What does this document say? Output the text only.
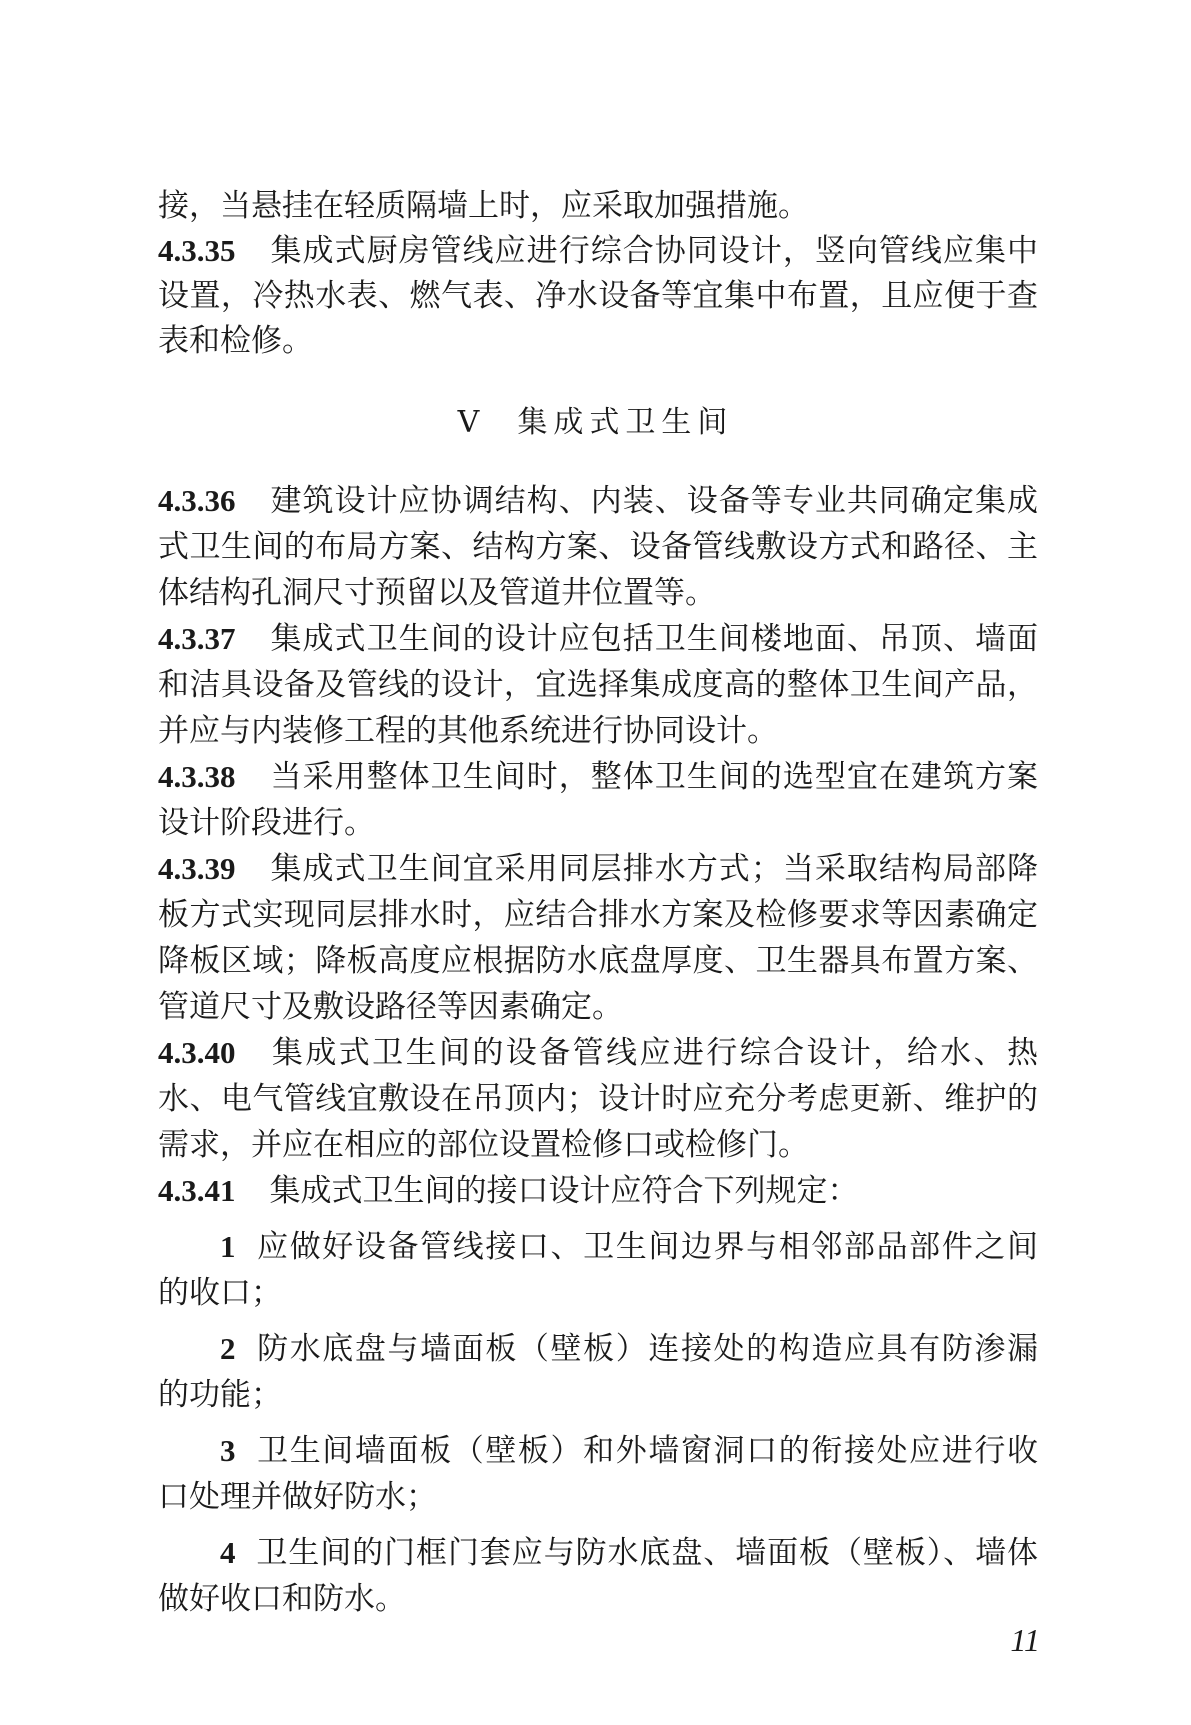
接，当悬挂在轻质隔墙上时，应采取加强措施。
4.3.35 集成式厨房管线应进行综合协同设计，竖向管线应集中
设置，冷热水表、燃气表、净水设备等宜集中布置，且应便于查
表和检修。
V 集成式卫生间
4.3.36 建筑设计应协调结构、内装、设备等专业共同确定集成
式卫生间的布局方案、结构方案、设备管线敷设方式和路径、主
体结构孔洞尺寸预留以及管道井位置等。
4.3.37 集成式卫生间的设计应包括卫生间楼地面、吊顶、墙面
和洁具设备及管线的设计，宜选择集成度高的整体卫生间产品，
并应与内装修工程的其他系统进行协同设计。
4.3.38 当采用整体卫生间时，整体卫生间的选型宜在建筑方案
设计阶段进行。
4.3.39 集成式卫生间宜采用同层排水方式；当采取结构局部降
板方式实现同层排水时，应结合排水方案及检修要求等因素确定
降板区域；降板高度应根据防水底盘厚度、卫生器具布置方案、
管道尺寸及敷设路径等因素确定。
4.3.40 集成式卫生间的设备管线应进行综合设计，给水、热
水、电气管线宜敷设在吊顶内；设计时应充分考虑更新、维护的
需求，并应在相应的部位设置检修口或检修门。
4.3.41 集成式卫生间的接口设计应符合下列规定：
1 应做好设备管线接口、卫生间边界与相邻部品部件之间
的收口；
2 防水底盘与墙面板（壁板）连接处的构造应具有防渗漏
的功能；
3 卫生间墙面板（壁板）和外墙窗洞口的衔接处应进行收
口处理并做好防水；
4 卫生间的门框门套应与防水底盘、墙面板（壁板）、墙体
做好收口和防水。
11
